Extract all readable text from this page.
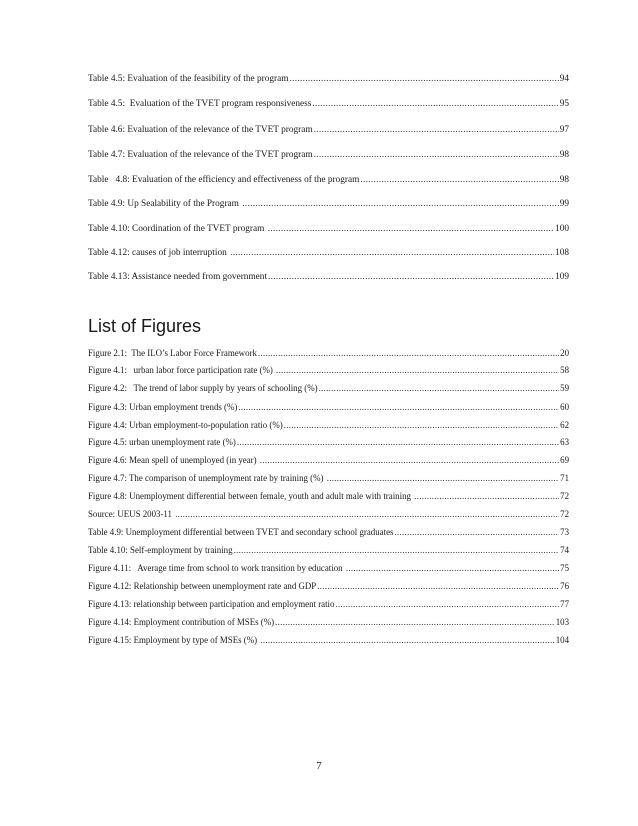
Table 4.5: Evaluation of the feasibility of the program .....	94
Table 4.5:  Evaluation of the TVET program responsiveness .....	95
Table 4.6: Evaluation of the relevance of the TVET program .....	97
Table 4.7: Evaluation of the relevance of the TVET program .....	98
Table   4.8: Evaluation of the efficiency and effectiveness of the program .....	98
Table 4.9: Up Sealability of the Program .....	99
Table 4.10: Coordination of the TVET program .....	100
Table 4.12: causes of job interruption .....	108
Table 4.13: Assistance needed from government .....	109
List of Figures
Figure 2.1:  The ILO’s Labor Force Framework .....	20
Figure 4.1:   urban labor force participation rate (%) .....	58
Figure 4.2:   The trend of labor supply by years of schooling (%) .....	59
Figure 4.3: Urban employment trends (%) .....	60
Figure 4.4: Urban employment-to-population ratio (%) .....	62
Figure 4.5: urban unemployment rate (%) .....	63
Figure 4.6: Mean spell of unemployed (in year) .....	69
Figure 4.7: The comparison of unemployment rate by training (%) .....	71
Figure 4.8: Unemployment differential between female, youth and adult male with training .....	72
Source: UEUS 2003-11 .....	72
Table 4.9: Unemployment differential between TVET and secondary school graduates .....	73
Table 4.10: Self-employment by training .....	74
Figure 4.11:   Average time from school to work transition by education .....	75
Figure 4.12: Relationship between unemployment rate and GDP .....	76
Figure 4.13: relationship between participation and employment ratio .....	77
Figure 4.14: Employment contribution of MSEs (%) .....	103
Figure 4.15: Employment by type of MSEs (%) .....	104
7
